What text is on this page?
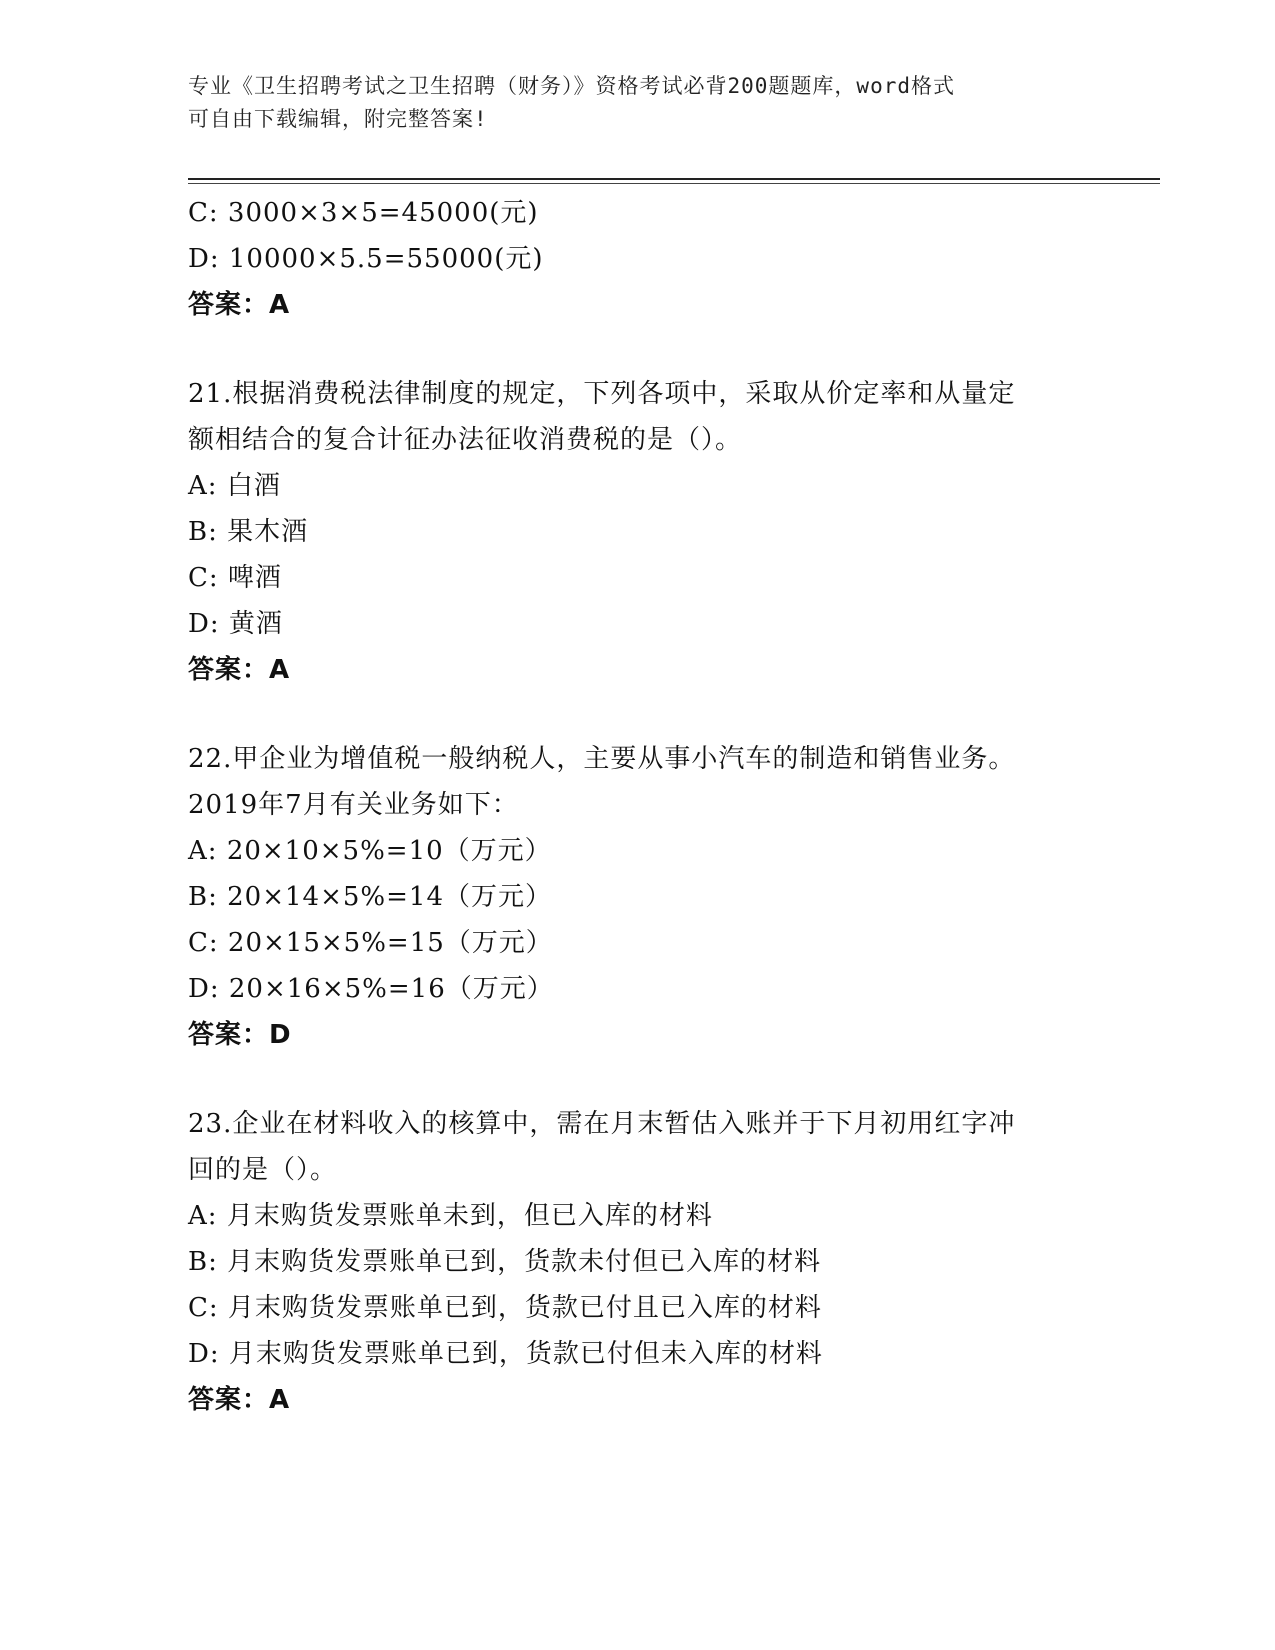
专业《卫生招聘考试之卫生招聘（财务）》资格考试必背200题题库，word格式
可自由下载编辑，附完整答案!
C: 3000×3×5=45000(元)
D: 10000×5.5=55000(元)
答案：A
21.根据消费税法律制度的规定，下列各项中，采取从价定率和从量定
额相结合的复合计征办法征收消费税的是（）。
A: 白酒
B: 果木酒
C: 啤酒
D: 黄酒
答案：A
22.甲企业为增值税一般纳税人，主要从事小汽车的制造和销售业务。
2019年7月有关业务如下：
A: 20×10×5%=10（万元）
B: 20×14×5%=14（万元）
C: 20×15×5%=15（万元）
D: 20×16×5%=16（万元）
答案：D
23.企业在材料收入的核算中，需在月末暂估入账并于下月初用红字冲
回的是（）。
A: 月末购货发票账单未到，但已入库的材料
B: 月末购货发票账单已到，货款未付但已入库的材料
C: 月末购货发票账单已到，货款已付且已入库的材料
D: 月末购货发票账单已到，货款已付但未入库的材料
答案：A
